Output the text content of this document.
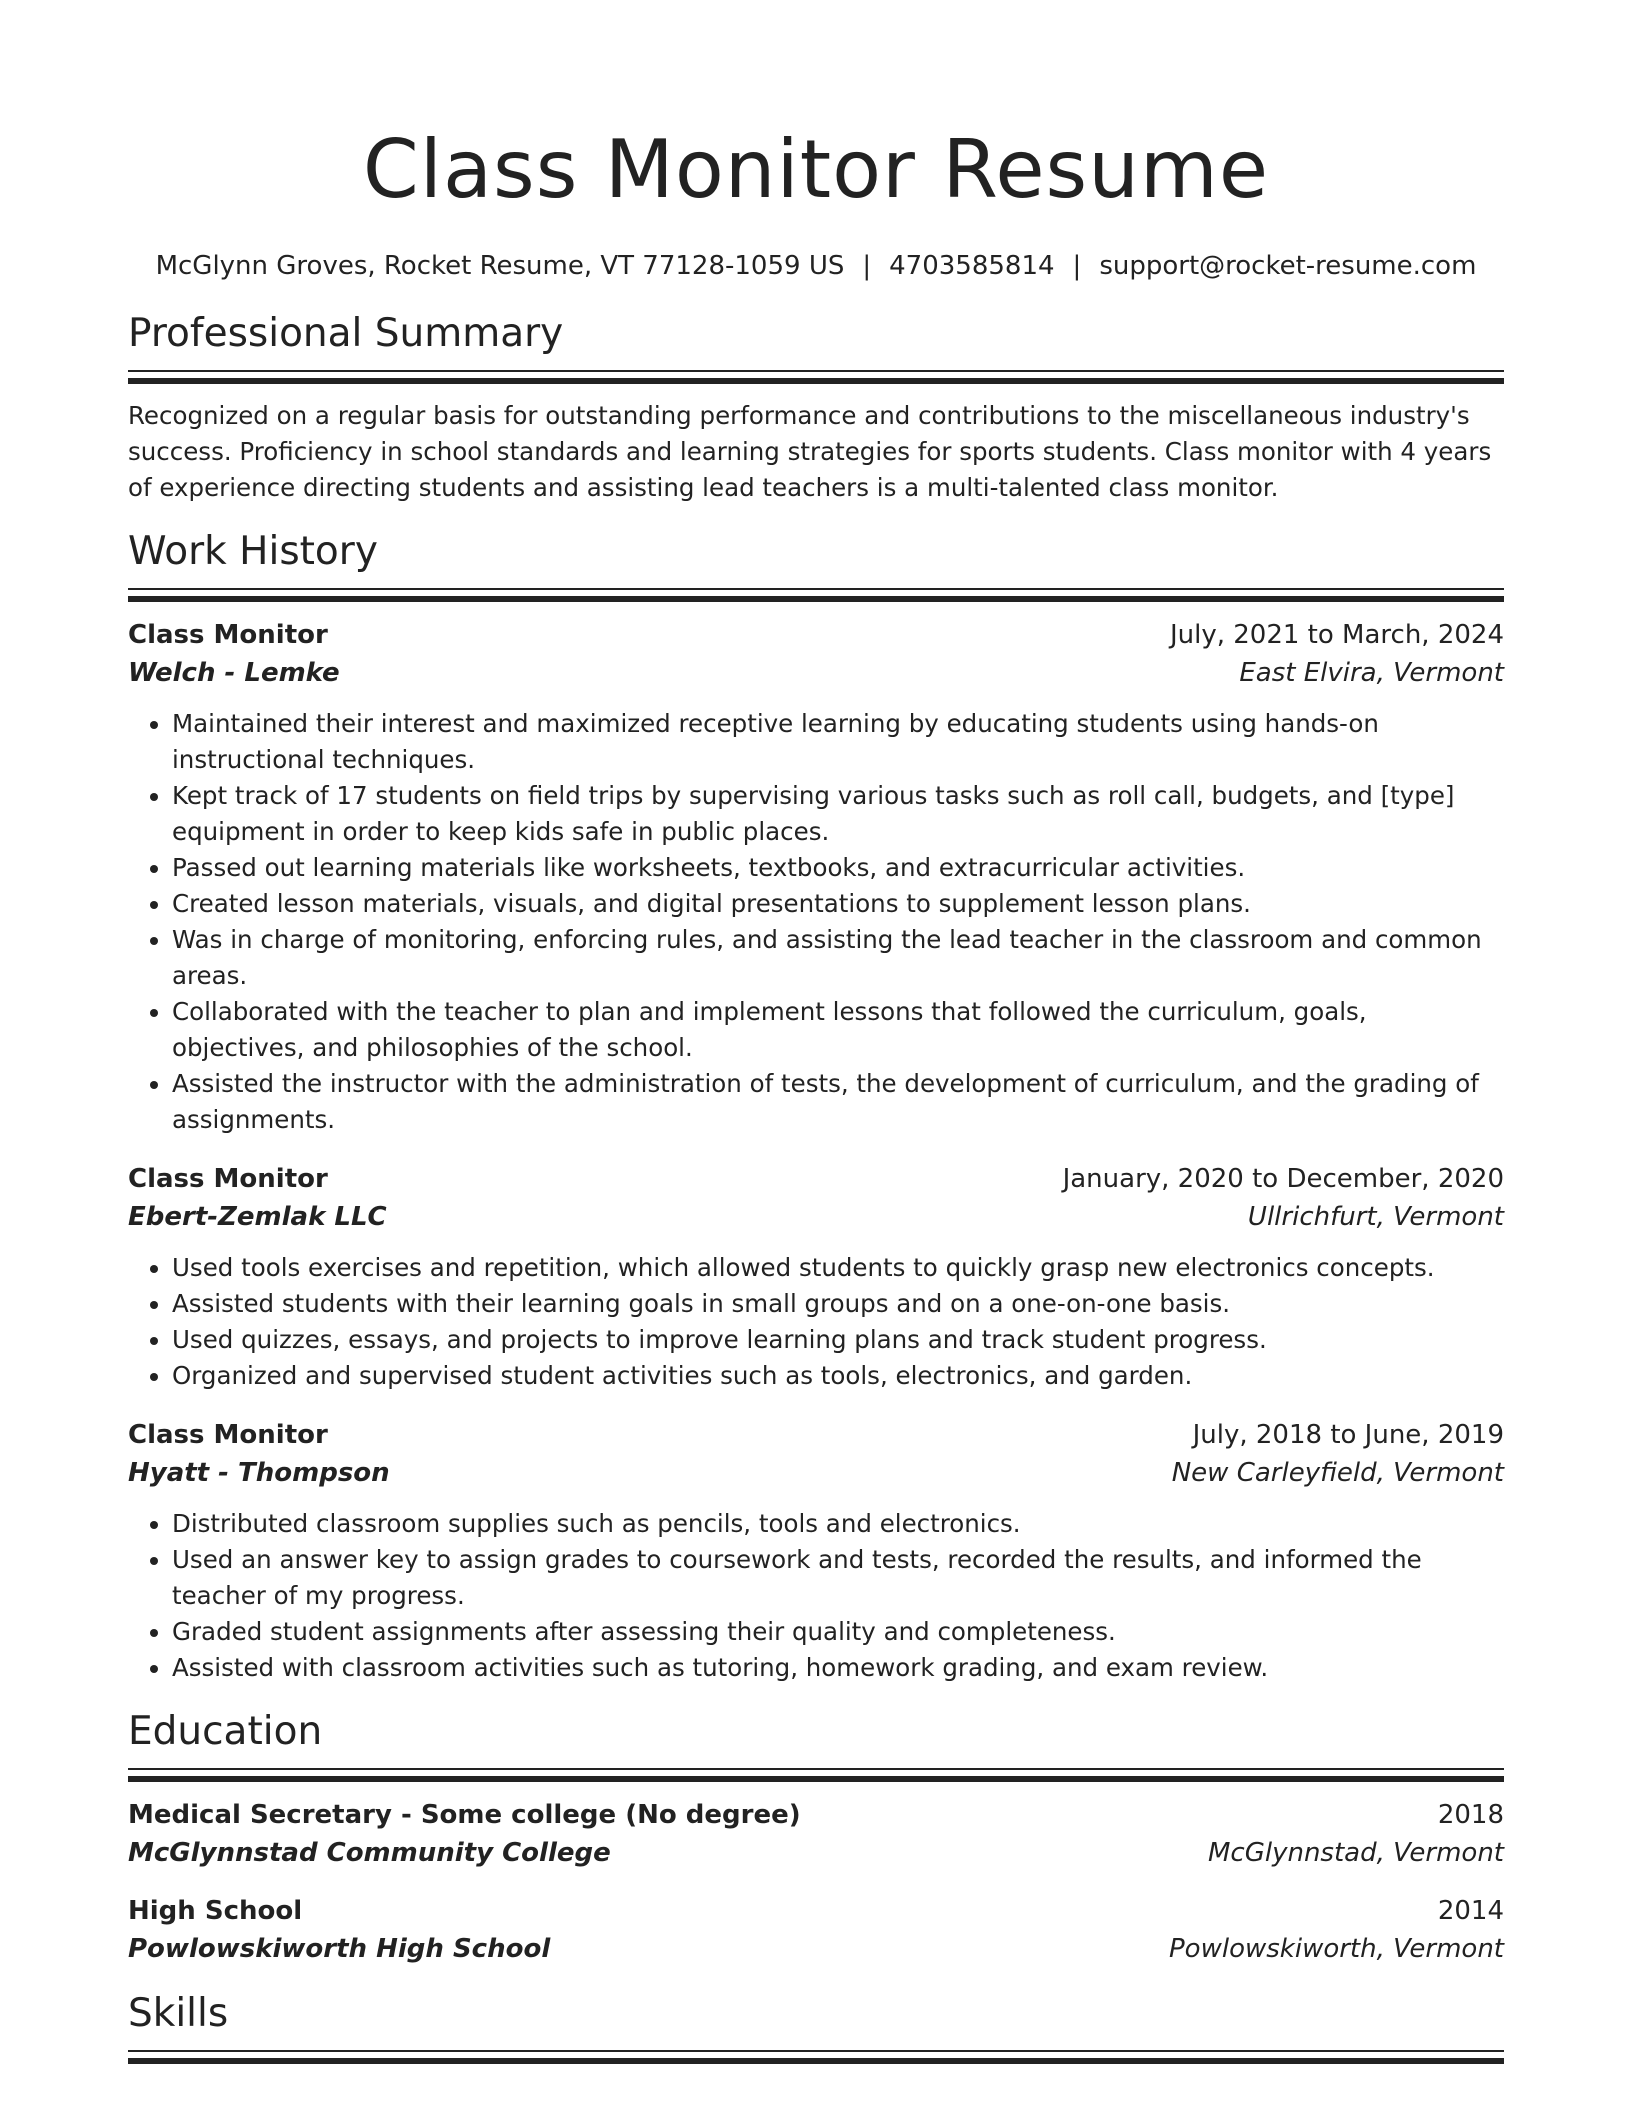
Class Monitor Resume
McGlynn Groves, Rocket Resume, VT 77128-1059 US | 4703585814 | support@rocket-resume.com
Professional Summary

Recognized on a regular basis for outstanding performance and contributions to the miscellaneous industry's success. Proficiency in school standards and learning strategies for sports students. Class monitor with 4 years of experience directing students and assisting lead teachers is a multi-talented class monitor.

Work History
Class Monitor	July, 2021 to March, 2024
Welch - Lemke	East Elvira, Vermont
• Maintained their interest and maximized receptive learning by educating students using hands-on instructional techniques.
• Kept track of 17 students on field trips by supervising various tasks such as roll call, budgets, and [type] equipment in order to keep kids safe in public places.
• Passed out learning materials like worksheets, textbooks, and extracurricular activities.
• Created lesson materials, visuals, and digital presentations to supplement lesson plans.
• Was in charge of monitoring, enforcing rules, and assisting the lead teacher in the classroom and common areas.
• Collaborated with the teacher to plan and implement lessons that followed the curriculum, goals, objectives, and philosophies of the school.
• Assisted the instructor with the administration of tests, the development of curriculum, and the grading of assignments.
Class Monitor	January, 2020 to December, 2020
Ebert-Zemlak LLC	Ullrichfurt, Vermont
• Used tools exercises and repetition, which allowed students to quickly grasp new electronics concepts.
• Assisted students with their learning goals in small groups and on a one-on-one basis.
• Used quizzes, essays, and projects to improve learning plans and track student progress.
• Organized and supervised student activities such as tools, electronics, and garden.
Class Monitor	July, 2018 to June, 2019
Hyatt - Thompson	New Carleyfield, Vermont
• Distributed classroom supplies such as pencils, tools and electronics.
• Used an answer key to assign grades to coursework and tests, recorded the results, and informed the teacher of my progress.
• Graded student assignments after assessing their quality and completeness.
• Assisted with classroom activities such as tutoring, homework grading, and exam review.
Education
Medical Secretary - Some college (No degree)	2018
McGlynnstad Community College	McGlynnstad, Vermont
High School	2014
Powlowskiworth High School	Powlowskiworth, Vermont
Skills
